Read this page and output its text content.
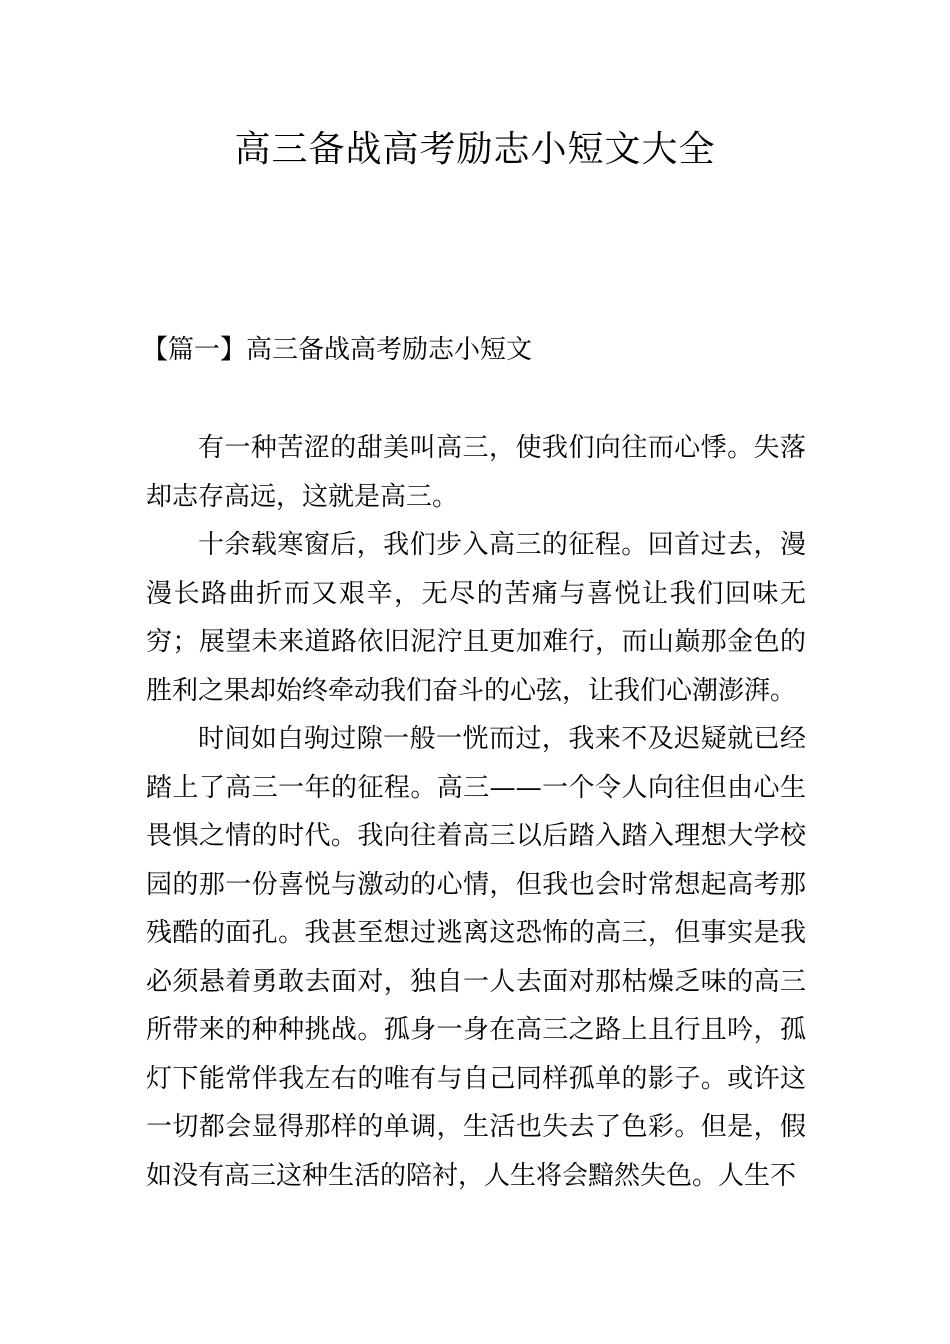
高三备战高考励志小短文大全
【篇一】高三备战高考励志小短文

有一种苦涩的甜美叫高三，使我们向往而心悸。失落却志存高远，这就是高三。

十余载寒窗后，我们步入高三的征程。回首过去，漫漫长路曲折而又艰辛，无尽的苦痛与喜悦让我们回味无穷；展望未来道路依旧泥泞且更加难行，而山巅那金色的胜利之果却始终牵动我们奋斗的心弦，让我们心潮澎湃。

时间如白驹过隙一般一恍而过，我来不及迟疑就已经踏上了高三一年的征程。高三——一个令人向往但由心生畏惧之情的时代。我向往着高三以后踏入踏入理想大学校园的那一份喜悦与激动的心情，但我也会时常想起高考那残酷的面孔。我甚至想过逃离这恐怖的高三，但事实是我必须悬着勇敢去面对，独自一人去面对那枯燥乏味的高三所带来的种种挑战。孤身一身在高三之路上且行且吟，孤灯下能常伴我左右的唯有与自己同样孤单的影子。或许这一切都会显得那样的单调，生活也失去了色彩。但是，假如没有高三这种生活的陪衬，人生将会黯然失色。人生不
